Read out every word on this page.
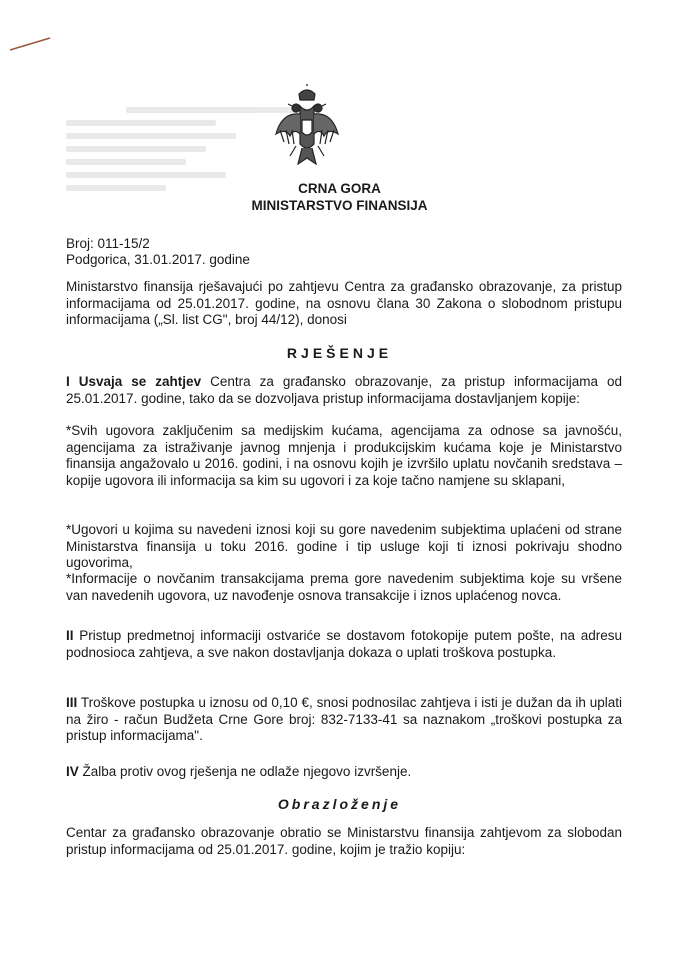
CRNA GORA
MINISTARSTVO FINANSIJA
Broj: 011-15/2
Podgorica, 31.01.2017. godine
Ministarstvo finansija rješavajući po zahtjevu Centra za građansko obrazovanje, za pristup informacijama od 25.01.2017. godine, na osnovu člana 30 Zakona o slobodnom pristupu informacijama („Sl. list CG", broj 44/12), donosi
RJEŠENJE
I Usvaja se zahtjev Centra za građansko obrazovanje, za pristup informacijama od 25.01.2017. godine, tako da se dozvoljava pristup informacijama dostavljanjem kopije:
*Svih ugovora zaključenim sa medijskim kućama, agencijama za odnose sa javnošću, agencijama za istraživanje javnog mnjenja i produkcijskim kućama koje je Ministarstvo finansija angažovalo u 2016. godini, i na osnovu kojih je izvršilo uplatu novčanih sredstava – kopije ugovora ili informacija sa kim su ugovori i za koje tačno namjene su sklapani,
*Ugovori u kojima su navedeni iznosi koji su gore navedenim subjektima uplaćeni od strane Ministarstva finansija u toku 2016. godine i tip usluge koji ti iznosi pokrivaju shodno ugovorima,
*Informacije o novčanim transakcijama prema gore navedenim subjektima koje su vršene van navedenih ugovora, uz navođenje osnova transakcije i iznos uplaćenog novca.
II Pristup predmetnoj informaciji ostvariće se dostavom fotokopije putem pošte, na adresu podnosioca zahtjeva, a sve nakon dostavljanja dokaza o uplati troškova postupka.
III Troškove postupka u iznosu od 0,10 €, snosi podnosilac zahtjeva i isti je dužan da ih uplati na žiro - račun Budžeta Crne Gore broj: 832-7133-41 sa naznakom „troškovi postupka za pristup informacijama".
IV Žalba protiv ovog rješenja ne odlaže njegovo izvršenje.
Obrazloženje
Centar za građansko obrazovanje obratio se Ministarstvu finansija zahtjevom za slobodan pristup informacijama od 25.01.2017. godine, kojim je tražio kopiju:
